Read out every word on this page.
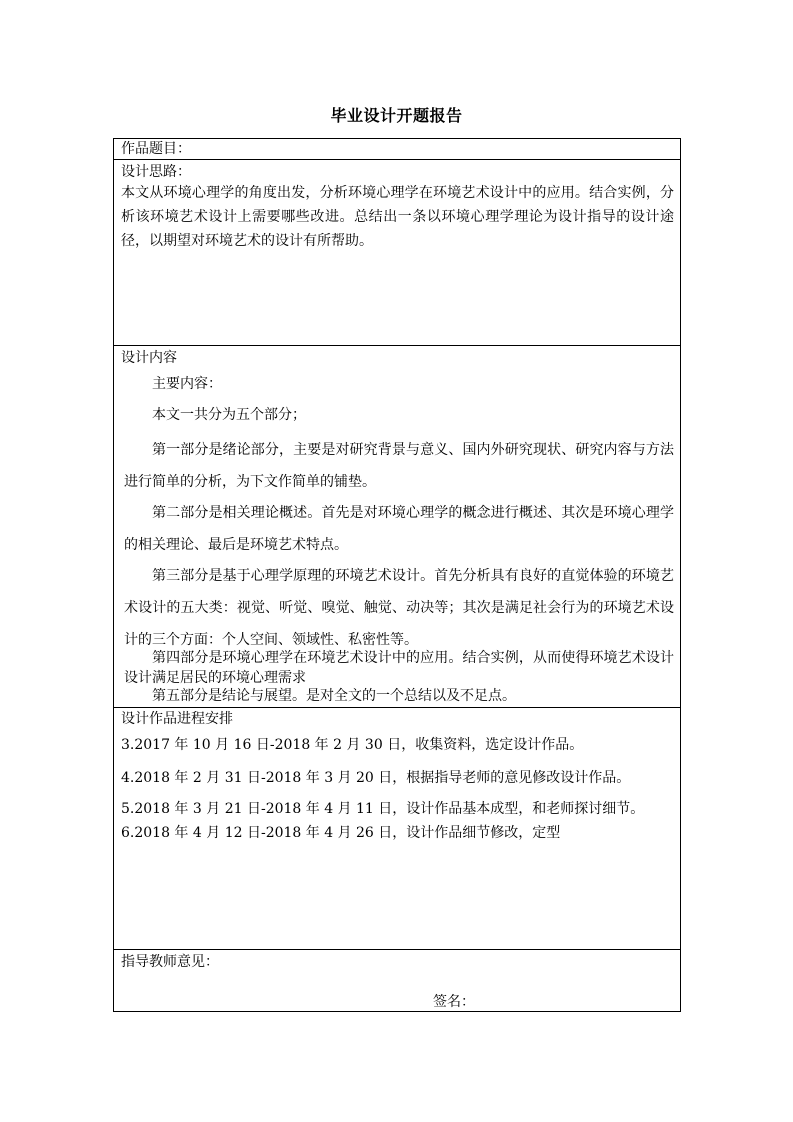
毕业设计开题报告
作品题目：
设计思路：
本文从环境心理学的角度出发，分析环境心理学在环境艺术设计中的应用。结合实例，分析该环境艺术设计上需要哪些改进。总结出一条以环境心理学理论为设计指导的设计途径，以期望对环境艺术的设计有所帮助。
设计内容
主要内容：
本文一共分为五个部分；
第一部分是绪论部分，主要是对研究背景与意义、国内外研究现状、研究内容与方法进行简单的分析，为下文作简单的铺垫。
第二部分是相关理论概述。首先是对环境心理学的概念进行概述、其次是环境心理学的相关理论、最后是环境艺术特点。
第三部分是基于心理学原理的环境艺术设计。首先分析具有良好的直觉体验的环境艺术设计的五大类：视觉、听觉、嗅觉、触觉、动决等；其次是满足社会行为的环境艺术设计的三个方面：个人空间、领域性、私密性等。
第四部分是环境心理学在环境艺术设计中的应用。结合实例，从而使得环境艺术设计设计满足居民的环境心理需求
第五部分是结论与展望。是对全文的一个总结以及不足点。
设计作品进程安排
3.2017 年 10 月 16 日-2018 年 2 月 30 日，收集资料，选定设计作品。
4.2018 年 2 月 31 日-2018 年 3 月 20 日，根据指导老师的意见修改设计作品。
5.2018 年 3 月 21 日-2018 年 4 月 11 日，设计作品基本成型，和老师探讨细节。
6.2018 年 4 月 12 日-2018 年 4 月 26 日，设计作品细节修改，定型
指导教师意见：
签名：
